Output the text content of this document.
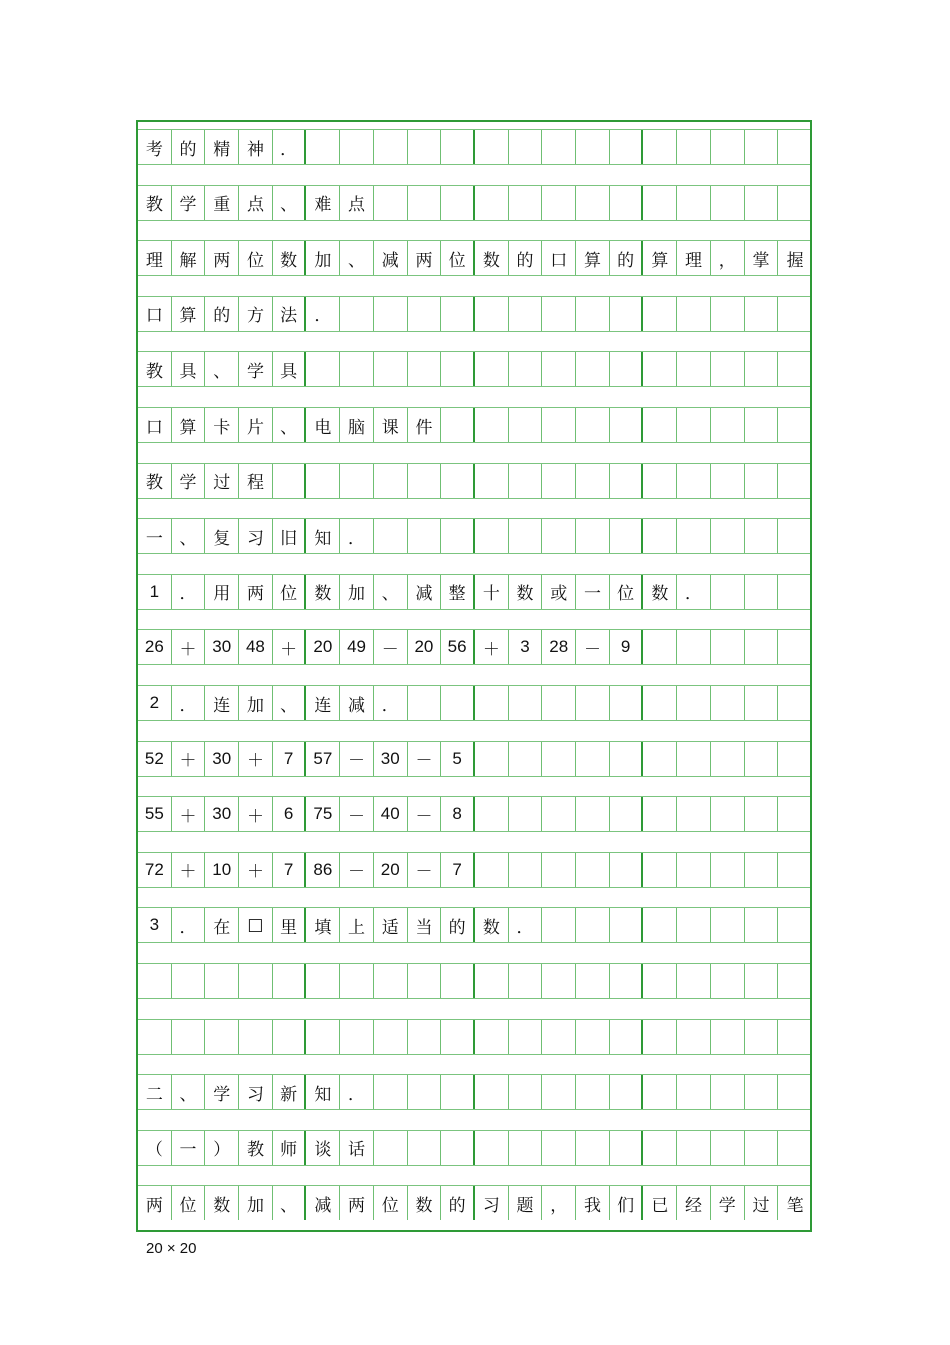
考 的 精 神 ．
教 学 重 点 、 难 点
理 解 两 位 数 加 、 减 两 位 数 的 口 算 的 算 理 ， 掌 握
口 算 的 方 法 ．
教 具 、 学 具
口 算 卡 片 、 电 脑 课 件
教 学 过 程
一 、 复 习 旧 知 ．
1 ． 用 两 位 数 加 、 减 整 十 数 或 一 位 数 ．
26 ＋ 30 48 ＋ 20 49 － 20 56 ＋ 3 28 － 9
2 ． 连 加 、 连 减 ．
52 ＋ 30 ＋ 7 57 － 30 － 5
55 ＋ 30 ＋ 6 75 － 40 － 8
72 ＋ 10 ＋ 7 86 － 20 － 7
3 ． 在 □ 里 填 上 适 当 的 数 ．
二 、 学 习 新 知 ．
（ 一 ） 教 师 谈 话
两 位 数 加 、 减 两 位 数 的 习 题 ， 我 们 已 经 学 过 笔
20 × 20
